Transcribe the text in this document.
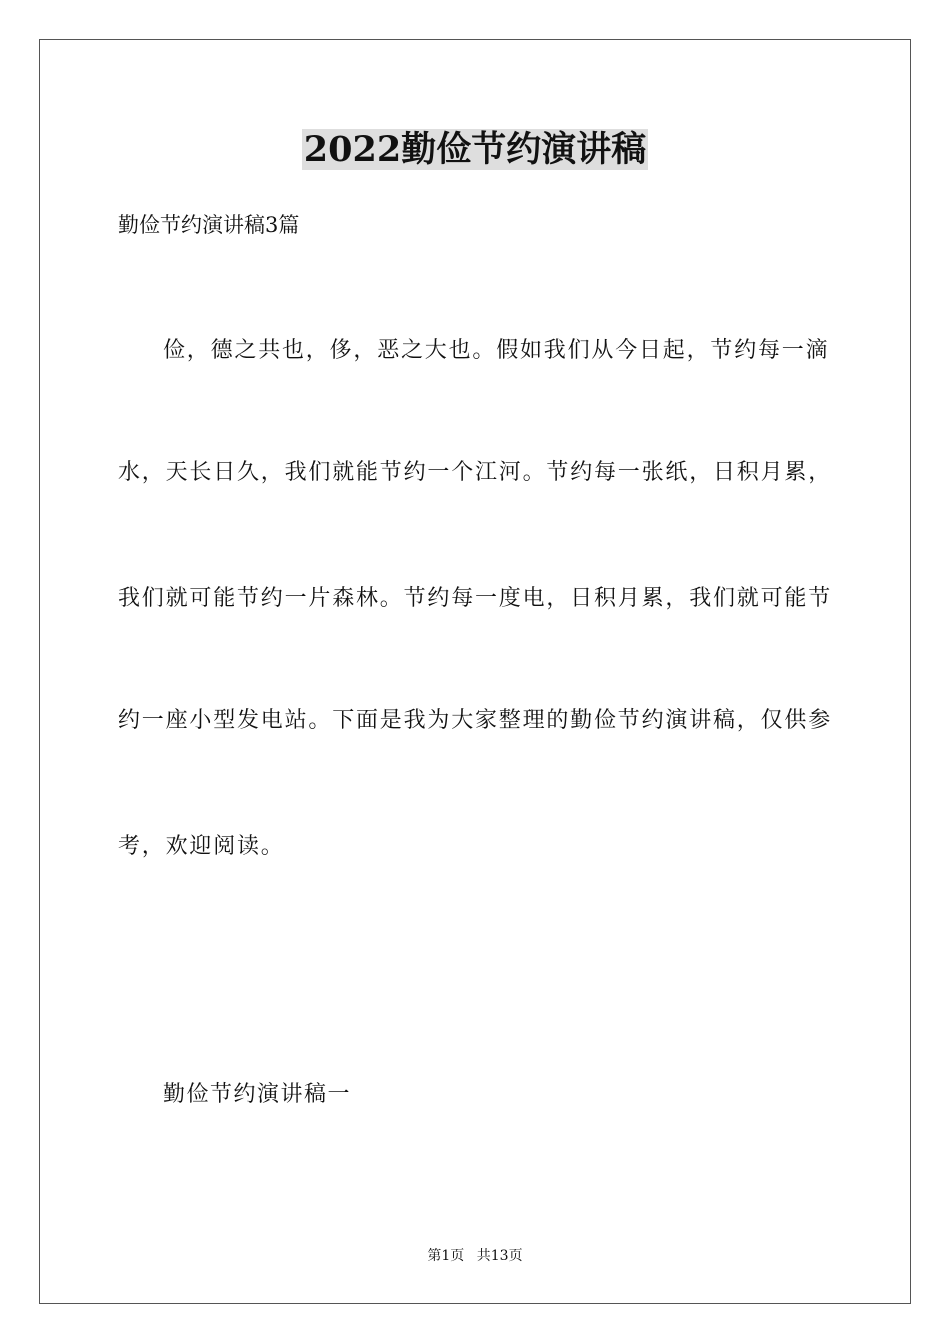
2022勤俭节约演讲稿
勤俭节约演讲稿3篇
俭，德之共也，侈，恶之大也。假如我们从今日起，节约每一滴
水，天长日久，我们就能节约一个江河。节约每一张纸，日积月累，
我们就可能节约一片森林。节约每一度电，日积月累，我们就可能节
约一座小型发电站。下面是我为大家整理的勤俭节约演讲稿，仅供参
考，欢迎阅读。
勤俭节约演讲稿一
第1页 共13页
